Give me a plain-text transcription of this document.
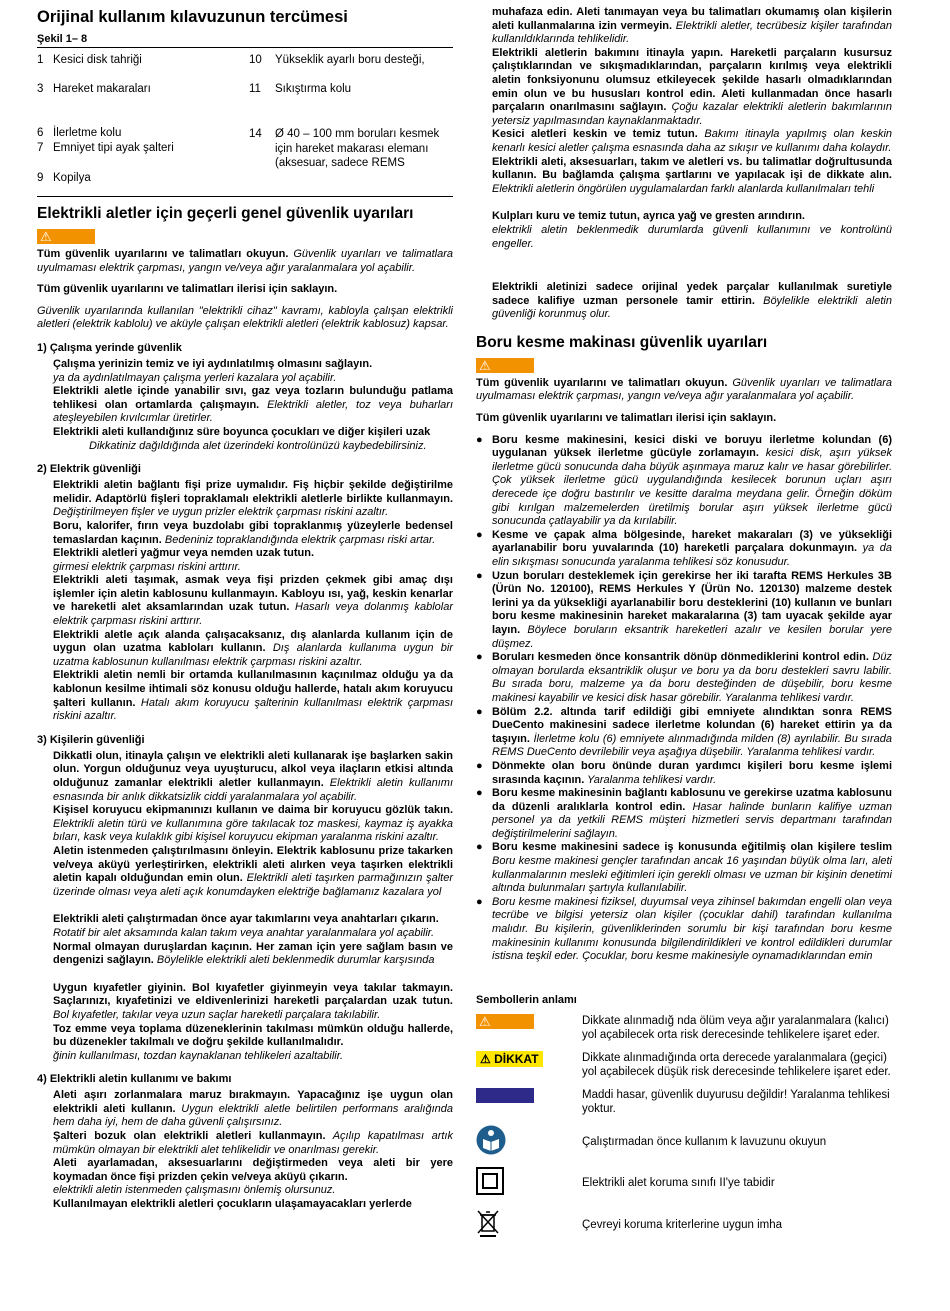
Orijinal kullanım kılavuzunun tercümesi
Şekil 1– 8
1 Kesici disk tahriği	10	Yükseklik ayarlı boru desteği,
3 Hareket makaraları	11	Sıkıştırma kolu
6 İlerletme kolu	14	Ø 40 – 100 mm boruları kesmek için hareket makarası elemanı (aksesuar, sadece REMS
7 Emniyet tipi ayak şalteri
9 Kopilya
Elektrikli aletler için geçerli genel güvenlik uyarıları
⚠

Tüm güvenlik uyarılarını ve talimatları okuyun. Güvenlik uyarıları ve talimatlara uyulmaması elektrik çarpması, yangın ve/veya ağır yaralanmalara yol açabilir.

Tüm güvenlik uyarılarını ve talimatları ilerisi için saklayın.

Güvenlik uyarılarında kullanılan "elektrikli cihaz" kavramı, kabloyla çalışan elektrikli aletleri (elektrik kablolu) ve aküyle çalışan elektrikli aletleri (elektrik kablosuz) kapsar.

1) Çalışma yerinde güvenlik

Çalışma yerinizin temiz ve iyi aydınlatılmış olmasını sağlayın.

ya da aydınlatılmayan çalışma yerleri kazalara yol açabilir.

Elektrikli aletle içinde yanabilir sıvı, gaz veya tozların bulunduğu patlama tehlikesi olan ortamlarda çalışmayın. Elektrikli aletler, toz veya buharları ateşleyebilen kıvılcımlar üretirler.

Elektrikli aleti kullandığınız süre boyunca çocukları ve diğer kişileri uzak

Dikkatiniz dağıldığında alet üzerindeki kontrolünüzü kaybedebilirsiniz.

2) Elektrik güvenliği

Elektrikli aletin bağlantı fişi prize uymalıdır. Fiş hiçbir şekilde değiştirilme melidir. Adaptörlü fişleri topraklamalı elektrikli aletlerle birlikte kullanmayın. Değiştirilmeyen fişler ve uygun prizler elektrik çarpması riskini azaltır.

Boru, kalorifer, fırın veya buzdolabı gibi topraklanmış yüzeylerle bedensel temaslardan kaçının. Bedeniniz topraklandığında elektrik çarpması riski artar.

Elektrikli aletleri yağmur veya nemden uzak tutun.

girmesi elektrik çarpması riskini arttırır.

Elektrikli aleti taşımak, asmak veya fişi prizden çekmek gibi amaç dışı işlemler için aletin kablosunu kullanmayın. Kabloyu ısı, yağ, keskin kenarlar ve hareketli alet aksamlarından uzak tutun. Hasarlı veya dolanmış kablolar elektrik çarpması riskini arttırır.

Elektrikli aletle açık alanda çalışacaksanız, dış alanlarda kullanım için de uygun olan uzatma kabloları kullanın. Dış alanlarda kullanıma uygun bir uzatma kablosunun kullanılması elektrik çarpması riskini azaltır.

Elektrikli aletin nemli bir ortamda kullanılmasının kaçınılmaz olduğu ya da kablonun kesilme ihtimali söz konusu olduğu hallerde, hatalı akım koruyucu şalteri kullanın. Hatalı akım koruyucu şalterinin kullanılması elektrik çarpması riskini azaltır.

3) Kişilerin güvenliği

Dikkatli olun, itinayla çalışın ve elektrikli aleti kullanarak işe başlarken sakin olun. Yorgun olduğunuz veya uyuşturucu, alkol veya ilaçların etkisi altında olduğunuz zamanlar elektrikli aletler kullanmayın. Elektrikli aletin kullanımı esnasında bir anlık dikkatsizlik ciddi yaralanmalara yol açabilir.

Kişisel koruyucu ekipmanınızı kullanın ve daima bir koruyucu gözlük takın. Elektrikli aletin türü ve kullanımına göre takılacak toz maskesi, kaymaz iş ayakka bıları, kask veya kulaklık gibi kişisel koruyucu ekipman yaralanma riskini azaltır.

Aletin istenmeden çalıştırılmasını önleyin. Elektrik kablosunu prize takarken ve/veya aküyü yerleştirirken, elektrikli aleti alırken veya taşırken elektrikli aletin kapalı olduğundan emin olun. Elektrikli aleti taşırken parmağınızın şalter üzerinde olması veya aleti açık konumdayken elektriğe bağlamanız kazalara yol

Elektrikli aleti çalıştırmadan önce ayar takımlarını veya anahtarları çıkarın.

Rotatif bir alet aksamında kalan takım veya anahtar yaralanmalara yol açabilir.

Normal olmayan duruşlardan kaçının. Her zaman için yere sağlam basın ve dengenizi sağlayın. Böylelikle elektrikli aleti beklenmedik durumlar karşısında

Uygun kıyafetler giyinin. Bol kıyafetler giyinmeyin veya takılar takmayın. Saçlarınızı, kıyafetinizi ve eldivenlerinizi hareketli parçalardan uzak tutun. Bol kıyafetler, takılar veya uzun saçlar hareketli parçalara takılabilir.

Toz emme veya toplama düzeneklerinin takılması mümkün olduğu hallerde, bu düzenekler takılmalı ve doğru şekilde kullanılmalıdır.

ğinin kullanılması, tozdan kaynaklanan tehlikeleri azaltabilir.

4) Elektrikli aletin kullanımı ve bakımı

Aleti aşırı zorlanmalara maruz bırakmayın. Yapacağınız işe uygun olan elektrikli aleti kullanın. Uygun elektrikli aletle belirtilen performans aralığında hem daha iyi, hem de daha güvenli çalışırsınız.

Şalteri bozuk olan elektrikli aletleri kullanmayın. Açılıp kapatılması artık mümkün olmayan bir elektrikli alet tehlikelidir ve onarılması gerekir.

Aleti ayarlamadan, aksesuarlarını değiştirmeden veya aleti bir yere koymadan önce fişi prizden çekin ve/veya aküyü çıkarın.

elektrikli aletin istenmeden çalışmasını önlemiş olursunuz.

Kullanılmayan elektrikli aletleri çocukların ulaşamayacakları yerlerde

muhafaza edin. Aleti tanımayan veya bu talimatları okumamış olan kişilerin aleti kullanmalarına izin vermeyin. Elektrikli aletler, tecrübesiz kişiler tarafından kullanıldıklarında tehlikelidir.

Elektrikli aletlerin bakımını itinayla yapın. Hareketli parçaların kusursuz çalıştıklarından ve sıkışmadıklarından, parçaların kırılmış veya elektrikli aletin fonksiyonunu olumsuz etkileyecek şekilde hasarlı olmadıklarından emin olun ve bu hususları kontrol edin. Aleti kullanmadan önce hasarlı parçaların onarılmasını sağlayın. Çoğu kazalar elektrikli aletlerin bakımlarının yetersiz yapılmasından kaynaklanmaktadır.

Kesici aletleri keskin ve temiz tutun. Bakımı itinayla yapılmış olan keskin kenarlı kesici aletler çalışma esnasında daha az sıkışır ve kullanımı daha kolaydır.

Elektrikli aleti, aksesuarları, takım ve aletleri vs. bu talimatlar doğrultusunda kullanın. Bu bağlamda çalışma şartlarını ve yapılacak işi de dikkate alın. Elektrikli aletlerin öngörülen uygulamalardan farklı alanlarda kullanılmaları tehli

Kulpları kuru ve temiz tutun, ayrıca yağ ve gresten arındırın.

elektrikli aletin beklenmedik durumlarda güvenli kullanımını ve kontrolünü engeller.

Elektrikli aletinizi sadece orijinal yedek parçalar kullanılmak suretiyle sadece kalifiye uzman personele tamir ettirin. Böylelikle elektrikli aletin güvenliği korunmuş olur.

Boru kesme makinası güvenlik uyarıları
⚠

Tüm güvenlik uyarılarını ve talimatları okuyun. Güvenlik uyarıları ve talimatlara uyulmaması elektrik çarpması, yangın ve/veya ağır yaralanmalara yol açabilir.

Tüm güvenlik uyarılarını ve talimatları ilerisi için saklayın.

● Boru kesme makinesini, kesici diski ve boruyu ilerletme kolundan (6) uygulanan yüksek ilerletme gücüyle zorlamayın. kesici disk, aşırı yüksek ilerletme gücü sonucunda daha büyük aşınmaya maruz kalır ve hasar görebilirler. Çok yüksek ilerletme gücü uygulandığında kesilecek borunun uçları aşırı derecede içe doğru bastırılır ve kesitte daralma meydana gelir. Örneğin döküm gibi kırılgan malzemelerden üretilmiş borular aşırı yüksek ilerletme gücü sonucunda çatlayabilir ya da kırılabilir.
● Kesme ve çapak alma bölgesinde, hareket makaraları (3) ve yüksekliği ayarlanabilir boru yuvalarında (10) hareketli parçalara dokunmayın. ya da elin sıkışması sonucunda yaralanma tehlikesi söz konusudur.
● Uzun boruları desteklemek için gerekirse her iki tarafta REMS Herkules 3B (Ürün No. 120100), REMS Herkules Y (Ürün No. 120130) malzeme destek lerini ya da yüksekliği ayarlanabilir boru desteklerini (10) kullanın ve bunları boru kesme makinesinin hareket makaralarına (3) tam uyacak şekilde ayar layın. Böylece boruların eksantrik hareketleri azalır ve kesilen borular yere düşmez.
● Boruları kesmeden önce konsantrik dönüp dönmediklerini kontrol edin. Düz olmayan borularda eksantriklik oluşur ve boru ya da boru destekleri savru labilir. Bu sırada boru, malzeme ya da boru desteğinden de düşebilir, boru kesme makinesi kayabilir ve kesici disk hasar görebilir. Yaralanma tehlikesi vardır.
● Bölüm 2.2. altında tarif edildiği gibi emniyete alındıktan sonra REMS DueCento makinesini sadece ilerletme kolundan (6) hareket ettirin ya da taşıyın. İlerletme kolu (6) emniyete alınmadığında milden (8) ayrılabilir. Bu sırada REMS DueCento devrilebilir veya aşağıya düşebilir. Yaralanma tehlikesi vardır.
● Dönmekte olan boru önünde duran yardımcı kişileri boru kesme işlemi sırasında kaçının. Yaralanma tehlikesi vardır.
● Boru kesme makinesinin bağlantı kablosunu ve gerekirse uzatma kablosunu da düzenli aralıklarla kontrol edin. Hasar halinde bunların kalifiye uzman personel ya da yetkili REMS müşteri hizmetleri servis departmanı tarafından değiştirilmelerini sağlayın.
● Boru kesme makinesini sadece iş konusunda eğitilmiş olan kişilere teslim Boru kesme makinesi gençler tarafından ancak 16 yaşından büyük olma ları, aleti kullanmalarının mesleki eğitimleri için gerekli olması ve uzman bir kişinin denetimi altında bulunmaları şartıyla kullanılabilir.
● Boru kesme makinesi fiziksel, duyumsal veya zihinsel bakımdan engelli olan veya tecrübe ve bilgisi yetersiz olan kişiler (çocuklar dahil) tarafından kullanılma malıdır. Bu kişilerin, güvenliklerinden sorumlu bir kişi tarafından boru kesme makinesinin kullanımı konusunda bilgilendirildikleri ve kontrol edildikleri durumlar istisna teşkil eder. Çocuklar, boru kesme makinesiyle oynamadıklarından emin
Sembollerin anlamı
⚠	Dikkate alınmadığ nda ölüm veya ağır yaralanmalara (kalıcı) yol açabilecek orta risk derecesinde tehlikelere işaret eder.
⚠ DİKKAT	Dikkate alınmadığında orta derecede yaralanmalara (geçici) yol açabilecek düşük risk derecesinde tehlikelere işaret eder.
Maddi hasar, güvenlik duyurusu değildir! Yaralanma tehlikesi yoktur.
Çalıştırmadan önce kullanım k lavuzunu okuyun
Elektrikli alet koruma sınıfı II'ye tabidir
Çevreyi koruma kriterlerine uygun imha
